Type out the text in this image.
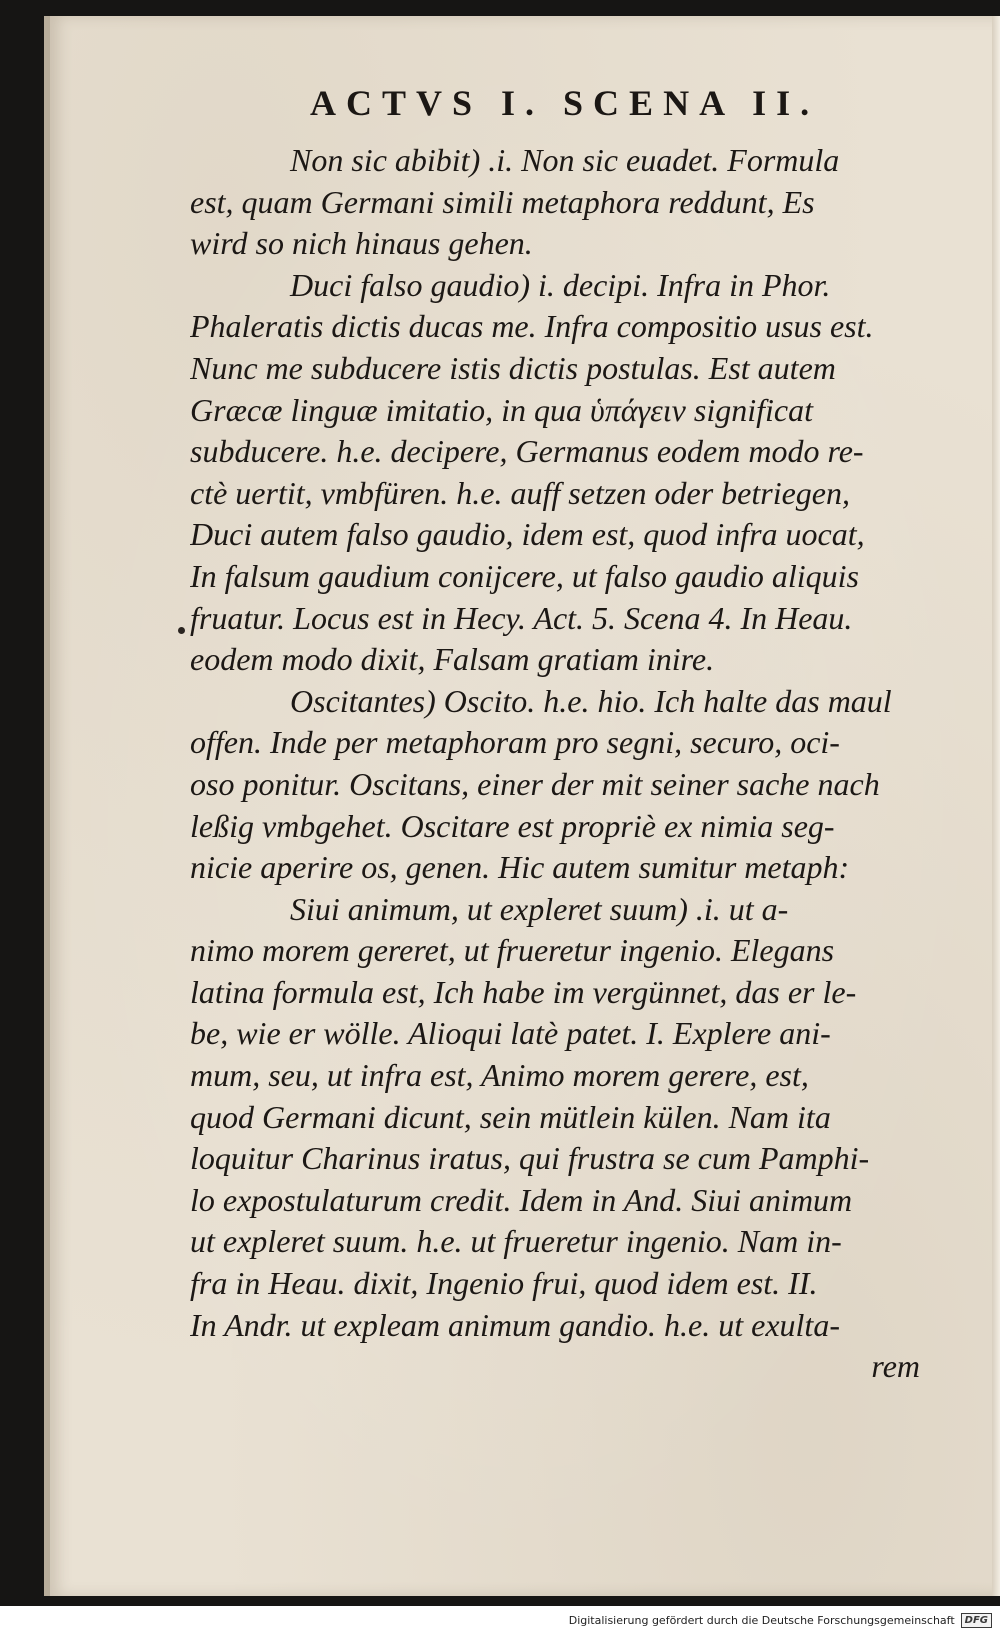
ACTVS I. SCENA II.
Non sic abibit) .i. Non sic euadet. Formula
est, quam Germani simili metaphora reddunt, Es
wird so nich hinaus gehen.
Duci falso gaudio) i. decipi. Infra in Phor.
Phaleratis dictis ducas me. Infra compositio usus est.
Nunc me subducere istis dictis postulas. Est autem
Græcæ linguæ imitatio, in qua ὑπάγειν significat
subducere. h.e. decipere, Germanus eodem modo re-
ctè uertit, vmbfüren. h.e. auff setzen oder betriegen,
Duci autem falso gaudio, idem est, quod infra uocat,
In falsum gaudium conijcere, ut falso gaudio aliquis
fruatur. Locus est in Hecy. Act. 5. Scena 4. In Heau.
eodem modo dixit, Falsam gratiam inire.
Oscitantes) Oscito. h.e. hio. Ich halte das maul
offen. Inde per metaphoram pro segni, securo, oci-
oso ponitur. Oscitans, einer der mit seiner sache nach
leßig vmbgehet. Oscitare est propriè ex nimia seg-
nicie aperire os, genen. Hic autem sumitur metaph:
Siui animum, ut expleret suum) .i. ut a-
nimo morem gereret, ut frueretur ingenio. Elegans
latina formula est, Ich habe im vergünnet, das er le-
be, wie er wölle. Alioqui latè patet. I. Explere ani-
mum, seu, ut infra est, Animo morem gerere, est,
quod Germani dicunt, sein mütlein külen. Nam ita
loquitur Charinus iratus, qui frustra se cum Pamphi-
lo expostulaturum credit. Idem in And. Siui animum
ut expleret suum. h.e. ut frueretur ingenio. Nam in-
fra in Heau. dixit, Ingenio frui, quod idem est. II.
In Andr. ut expleam animum gandio. h.e. ut exulta-
rem
Digitalisierung gefördert durch die Deutsche Forschungsgemeinschaft	DFG
